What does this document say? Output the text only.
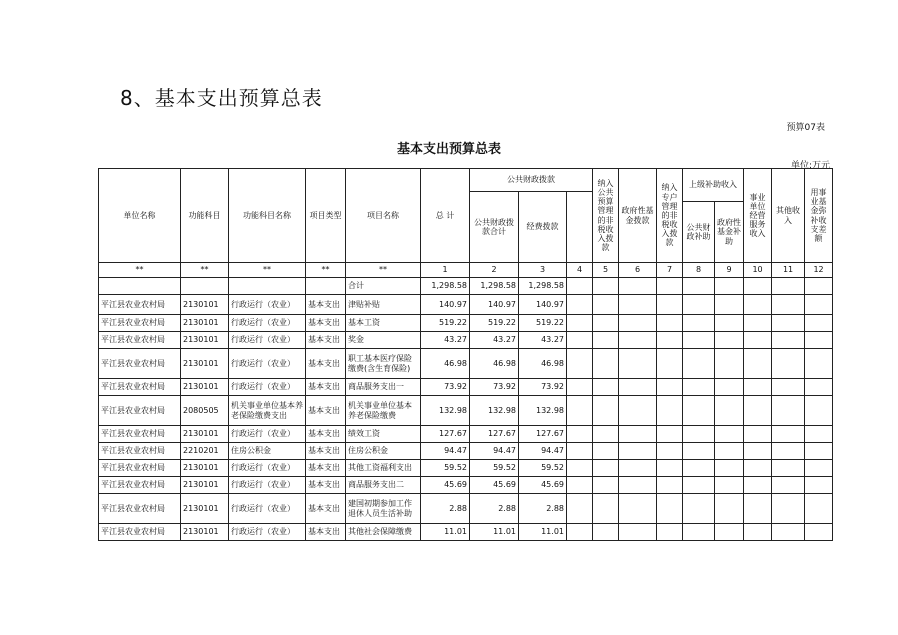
8、基本支出预算总表
预算07表
基本支出预算总表
单位:万元
单位名称	功能科目	功能科目名称	项目类型	项目名称	总 计	公共财政拨款			纳入公共预算管理的非税收入拨款	政府性基金拨款	纳入专户管理的非税收入拨款	上级补助收入		事业单位经营服务收入	其他收入	用事业基金弥补收支差额	
						公共财政拨款合计	经费拨款										
												公共财政补助	政府性基金补助				
**	**	**	**	**	1	2	3	4	5	6	7	8	9	10	11	12	
				合计	1,298.58	1,298.58	1,298.58										
平江县农业农村局	2130101	行政运行（农业）	基本支出	津贴补贴	140.97	140.97	140.97										
平江县农业农村局	2130101	行政运行（农业）	基本支出	基本工资	519.22	519.22	519.22										
平江县农业农村局	2130101	行政运行（农业）	基本支出	奖金	43.27	43.27	43.27										
平江县农业农村局	2130101	行政运行（农业）	基本支出	职工基本医疗保险缴费(含生育保险)	46.98	46.98	46.98										
平江县农业农村局	2130101	行政运行（农业）	基本支出	商品服务支出一	73.92	73.92	73.92										
平江县农业农村局	2080505	机关事业单位基本养老保险缴费支出	基本支出	机关事业单位基本养老保险缴费	132.98	132.98	132.98										
平江县农业农村局	2130101	行政运行（农业）	基本支出	绩效工资	127.67	127.67	127.67										
平江县农业农村局	2210201	住房公积金	基本支出	住房公积金	94.47	94.47	94.47										
平江县农业农村局	2130101	行政运行（农业）	基本支出	其他工资福利支出	59.52	59.52	59.52										
平江县农业农村局	2130101	行政运行（农业）	基本支出	商品服务支出二	45.69	45.69	45.69										
平江县农业农村局	2130101	行政运行（农业）	基本支出	建国初期参加工作退休人员生活补助	2.88	2.88	2.88										
平江县农业农村局	2130101	行政运行（农业）	基本支出	其他社会保障缴费	11.01	11.01	11.01										
